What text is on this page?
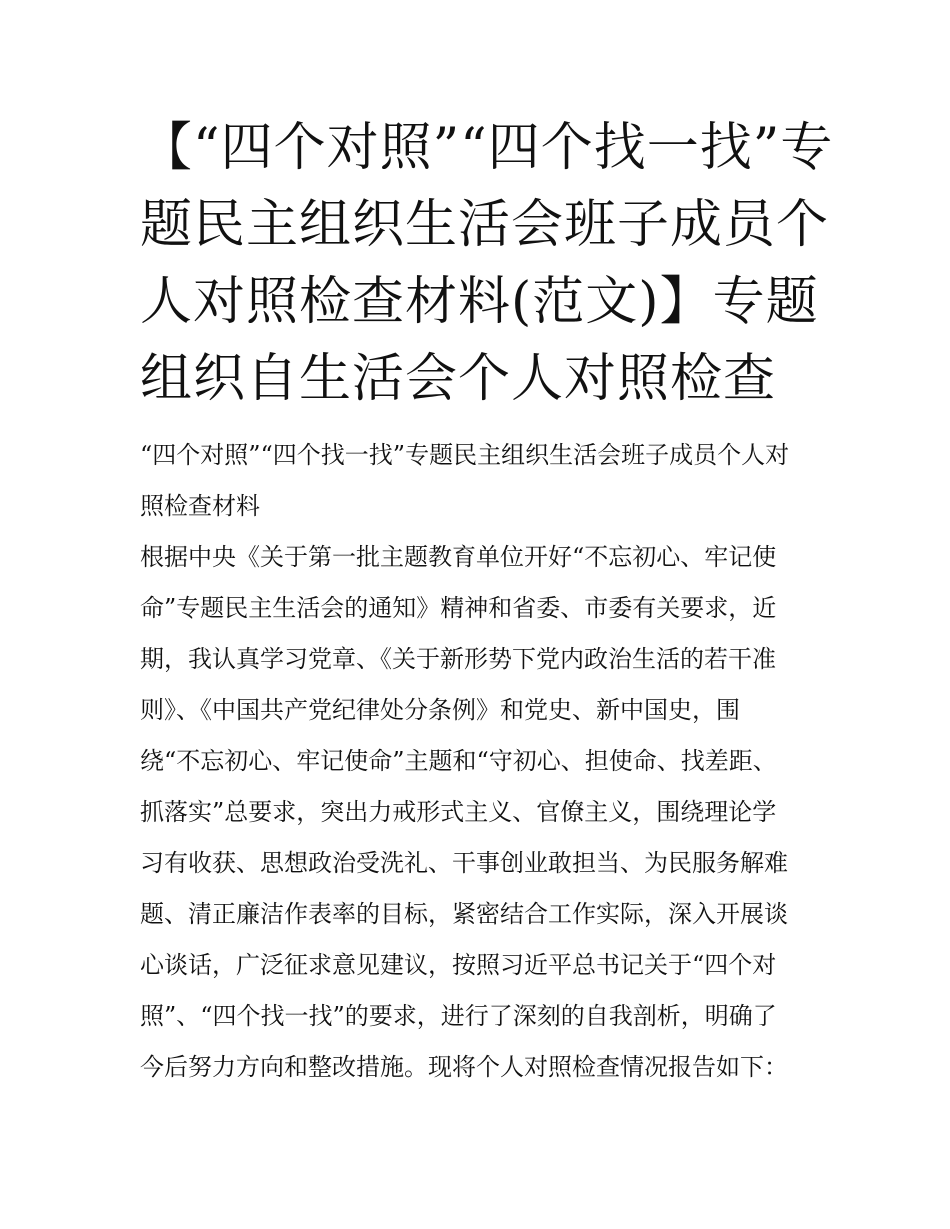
【“四个对照”“四个找一找”专
题民主组织生活会班子成员个
人对照检查材料(范文)】专题
组织自生活会个人对照检查
“四个对照”“四个找一找”专题民主组织生活会班子成员个人对
照检查材料
根据中央《关于第一批主题教育单位开好“不忘初心、牢记使
命”专题民主生活会的通知》精神和省委、市委有关要求，近
期，我认真学习党章、《关于新形势下党内政治生活的若干准
则》、《中国共产党纪律处分条例》和党史、新中国史，围
绕“不忘初心、牢记使命”主题和“守初心、担使命、找差距、
抓落实”总要求，突出力戒形式主义、官僚主义，围绕理论学
习有收获、思想政治受洗礼、干事创业敢担当、为民服务解难
题、清正廉洁作表率的目标，紧密结合工作实际，深入开展谈
心谈话，广泛征求意见建议，按照习近平总书记关于“四个对
照”、“四个找一找”的要求，进行了深刻的自我剖析，明确了
今后努力方向和整改措施。现将个人对照检查情况报告如下：
